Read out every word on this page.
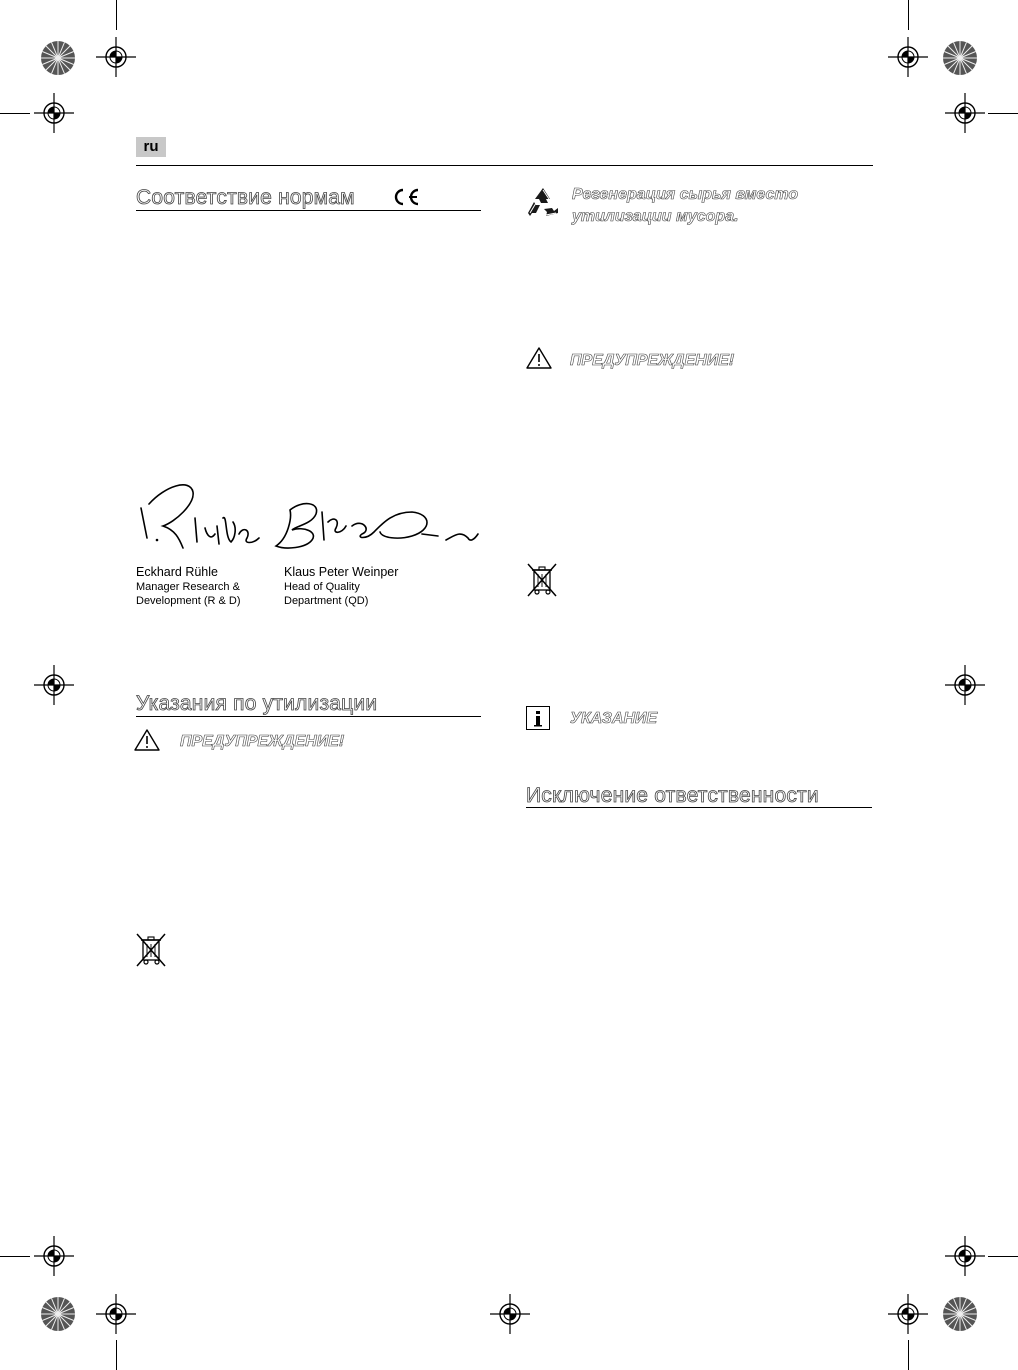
ru
Соответствие нормам
Eckhard Rühle
Manager Research &
Development (R & D)
Klaus Peter Weinper
Head of Quality
Department (QD)
Указания по утилизации
ПРЕДУПРЕЖДЕНИЕ!
Регенерация сырья вместо
утилизации мусора.
ПРЕДУПРЕЖДЕНИЕ!
УКАЗАНИЕ
Исключение ответственности
